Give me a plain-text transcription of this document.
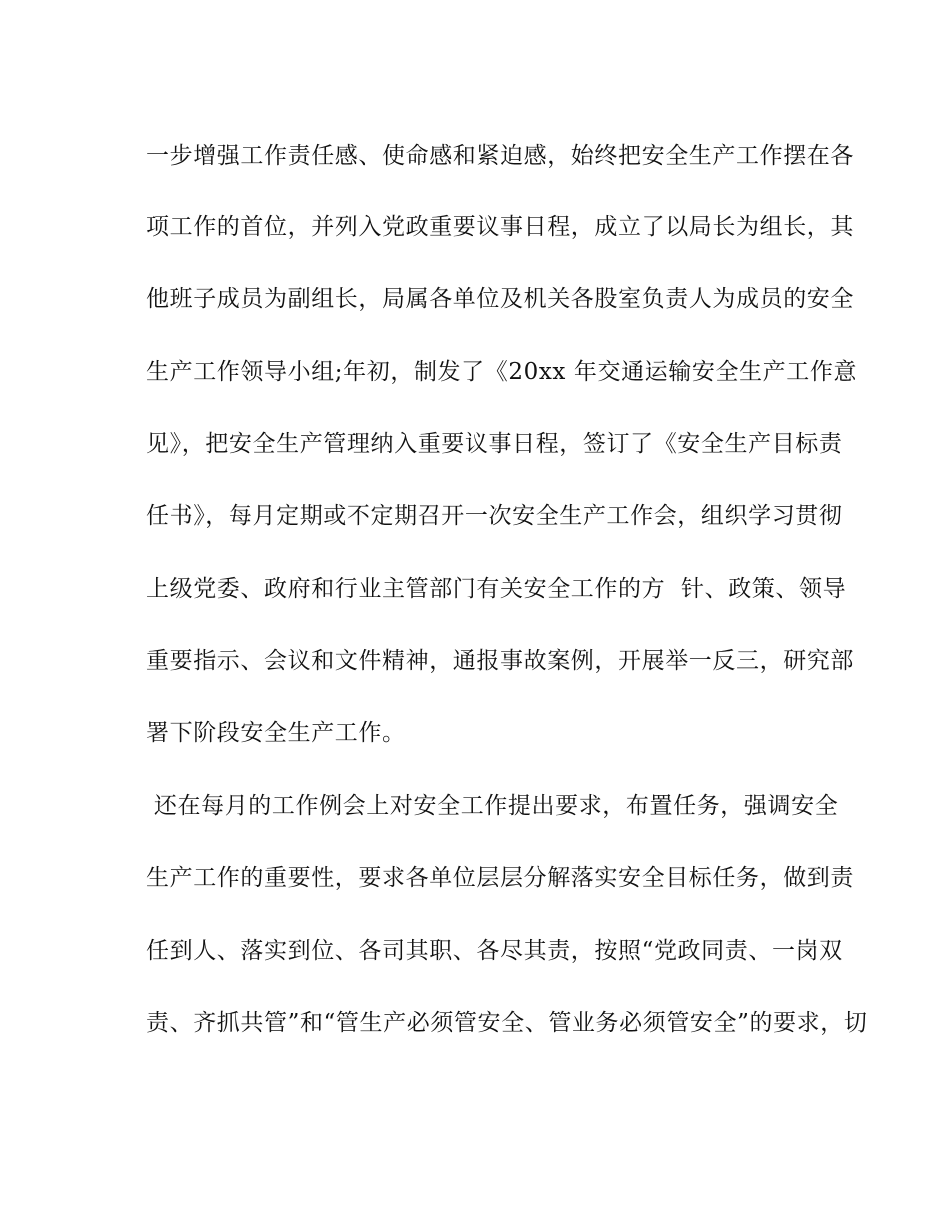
一步增强工作责任感、使命感和紧迫感，始终把安全生产工作摆在各
项工作的首位，并列入党政重要议事日程，成立了以局长为组长，其
他班子成员为副组长，局属各单位及机关各股室负责人为成员的安全
生产工作领导小组;年初，制发了《20xx 年交通运输安全生产工作意
见》，把安全生产管理纳入重要议事日程，签订了《安全生产目标责
任书》，每月定期或不定期召开一次安全生产工作会，组织学习贯彻
上级党委、政府和行业主管部门有关安全工作的方  针、政策、领导
重要指示、会议和文件精神，通报事故案例，开展举一反三，研究部
署下阶段安全生产工作。
还在每月的工作例会上对安全工作提出要求，布置任务，强调安全
生产工作的重要性，要求各单位层层分解落实安全目标任务，做到责
任到人、落实到位、各司其职、各尽其责，按照“党政同责、一岗双
责、齐抓共管”和“管生产必须管安全、管业务必须管安全”的要求，切
